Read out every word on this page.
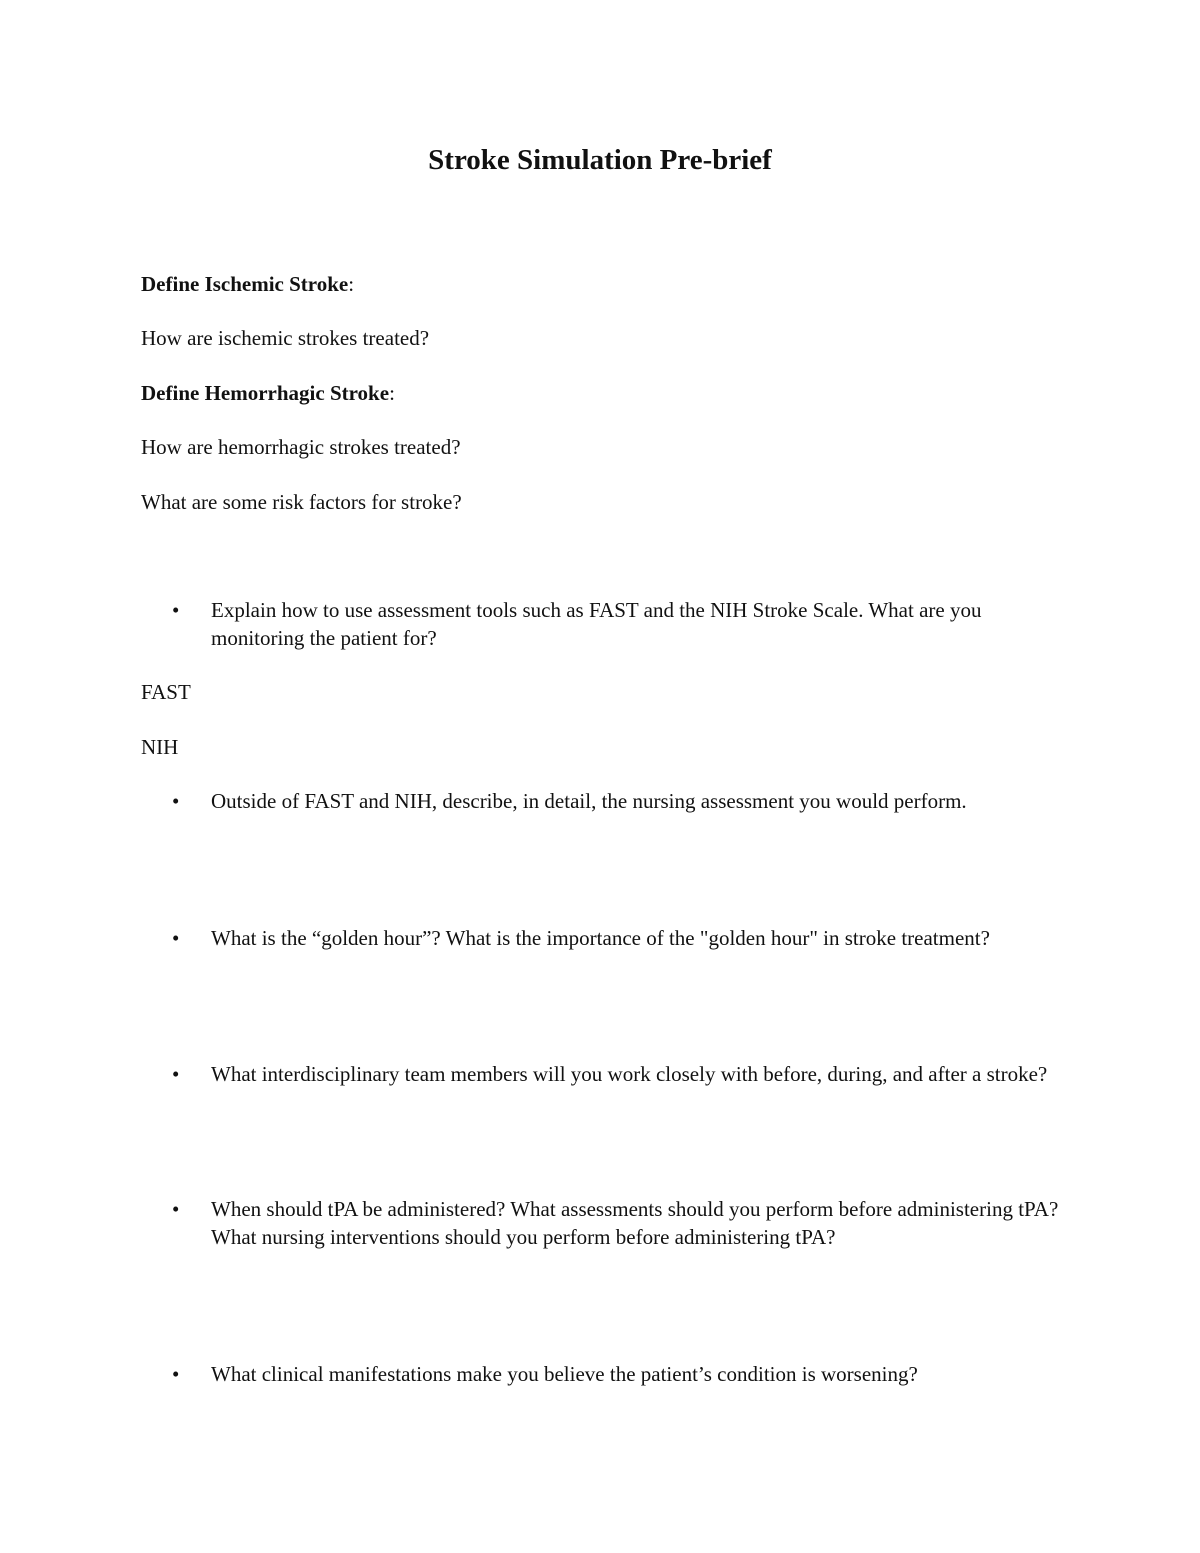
Stroke Simulation Pre-brief
Define Ischemic Stroke:
How are ischemic strokes treated?
Define Hemorrhagic Stroke:
How are hemorrhagic strokes treated?
What are some risk factors for stroke?
•	Explain how to use assessment tools such as FAST and the NIH Stroke Scale. What are you monitoring the patient for?
FAST
NIH
•	Outside of FAST and NIH, describe, in detail, the nursing assessment you would perform.
•	What is the “golden hour”? What is the importance of the "golden hour" in stroke treatment?
•	What interdisciplinary team members will you work closely with before, during, and after a stroke?
•	When should tPA be administered? What assessments should you perform before administering tPA? What nursing interventions should you perform before administering tPA?
•	What clinical manifestations make you believe the patient’s condition is worsening?
